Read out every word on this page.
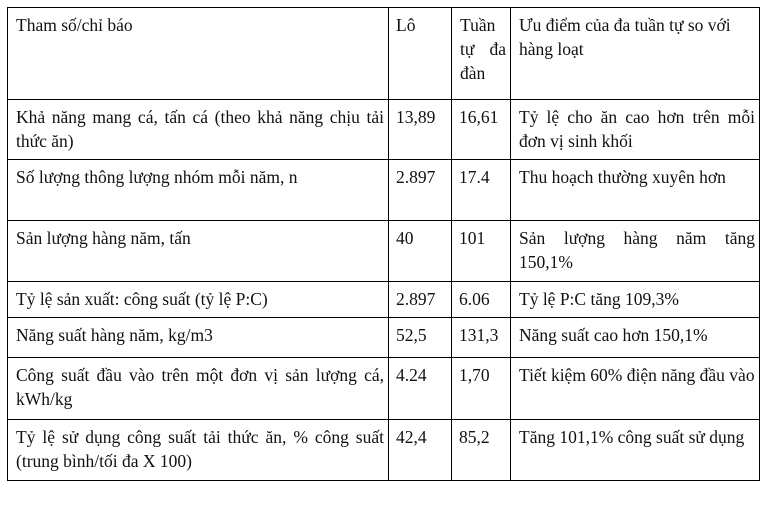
Tham số/chỉ báo	Lô	Tuần tự đa đàn	Ưu điểm của đa tuần tự so với hàng loạt
Khả năng mang cá, tấn cá (theo khả năng chịu tải thức ăn)	13,89	16,61	Tỷ lệ cho ăn cao hơn trên mỗi đơn vị sinh khối
Số lượng thông lượng nhóm mỗi năm, n	2.897	17.4	Thu hoạch thường xuyên hơn
Sản lượng hàng năm, tấn	40	101	Sản lượng hàng năm tăng 150,1%
Tỷ lệ sản xuất: công suất (tỷ lệ P:C)	2.897	6.06	Tỷ lệ P:C tăng 109,3%
Năng suất hàng năm, kg/m3	52,5	131,3	Năng suất cao hơn 150,1%
Công suất đầu vào trên một đơn vị sản lượng cá, kWh/kg	4.24	1,70	Tiết kiệm 60% điện năng đầu vào
Tỷ lệ sử dụng công suất tải thức ăn, % công suất (trung bình/tối đa X 100)	42,4	85,2	Tăng 101,1% công suất sử dụng
